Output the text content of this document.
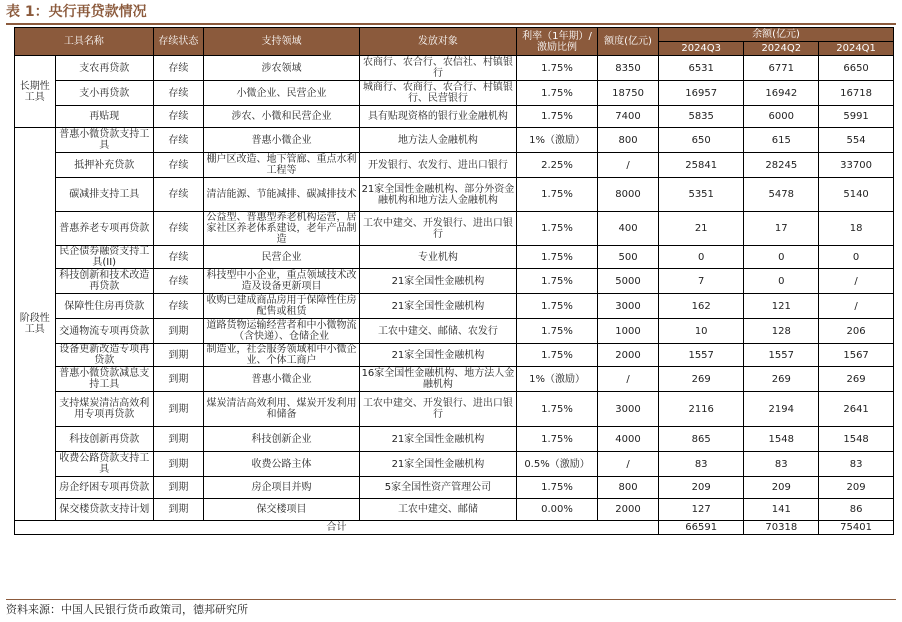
表 1：央行再贷款情况
工具名称		存续状态	支持领域	发放对象	利率（1年期）/激励比例	额度(亿元)	余额(亿元)		
							2024Q3	2024Q2	2024Q1
长期性工具	支农再贷款	存续	涉农领域	农商行、农合行、农信社、村镇银行	1.75%	8350	6531	6771	6650
	支小再贷款	存续	小微企业、民营企业	城商行、农商行、农合行、村镇银行、民营银行	1.75%	18750	16957	16942	16718
	再贴现	存续	涉农、小微和民营企业	具有贴现资格的银行业金融机构	1.75%	7400	5835	6000	5991
阶段性工具	普惠小微贷款支持工具	存续	普惠小微企业	地方法人金融机构	1%（激励）	800	650	615	554
	抵押补充贷款	存续	棚户区改造、地下管廊、重点水利工程等	开发银行、农发行、进出口银行	2.25%	/	25841	28245	33700
	碳减排支持工具	存续	清洁能源、节能减排、碳减排技术	21家全国性金融机构、部分外资金融机构和地方法人金融机构	1.75%	8000	5351	5478	5140
	普惠养老专项再贷款	存续	公益型、普惠型养老机构运营，居家社区养老体系建设，老年产品制造	工农中建交、开发银行、进出口银行	1.75%	400	21	17	18
	民企债券融资支持工具(II)	存续	民营企业	专业机构	1.75%	500	0	0	0
	科技创新和技术改造再贷款	存续	科技型中小企业，重点领域技术改造及设备更新项目	21家全国性金融机构	1.75%	5000	7	0	/
	保障性住房再贷款	存续	收购已建成商品房用于保障性住房配售或租赁	21家全国性金融机构	1.75%	3000	162	121	/
	交通物流专项再贷款	到期	道路货物运输经营者和中小微物流（含快递）、仓储企业	工农中建交、邮储、农发行	1.75%	1000	10	128	206
	设备更新改造专项再贷款	到期	制造业，社会服务领域和中小微企业、个体工商户	21家全国性金融机构	1.75%	2000	1557	1557	1567
	普惠小微贷款减息支持工具	到期	普惠小微企业	16家全国性金融机构、地方法人金融机构	1%（激励）	/	269	269	269
	支持煤炭清洁高效利用专项再贷款	到期	煤炭清洁高效利用、煤炭开发利用和储备	工农中建交、开发银行、进出口银行	1.75%	3000	2116	2194	2641
	科技创新再贷款	到期	科技创新企业	21家全国性金融机构	1.75%	4000	865	1548	1548
	收费公路贷款支持工具	到期	收费公路主体	21家全国性金融机构	0.5%（激励）	/	83	83	83
	房企纾困专项再贷款	到期	房企项目并购	5家全国性资产管理公司	1.75%	800	209	209	209
	保交楼贷款支持计划	到期	保交楼项目	工农中建交、邮储	0.00%	2000	127	141	86
合计							66591	70318	75401
资料来源：中国人民银行货币政策司，德邦研究所
